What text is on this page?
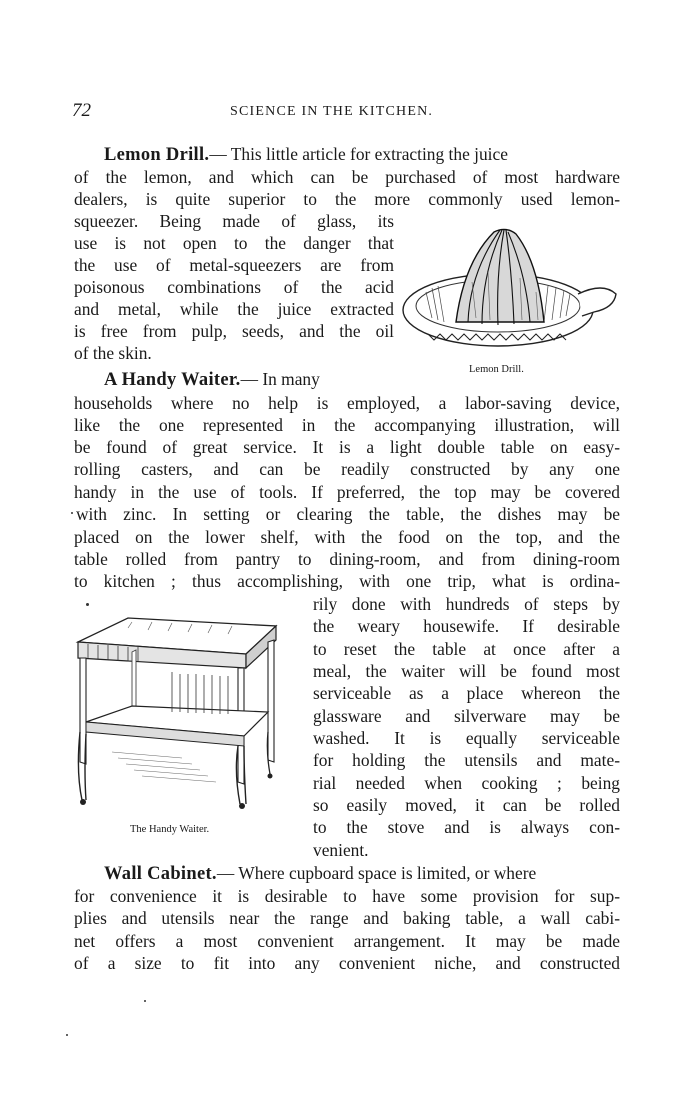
72	SCIENCE IN THE KITCHEN.
Lemon Drill.— This little article for extracting the juice
of the lemon, and which can be purchased of most hardware
dealers, is quite superior to the more commonly used lemon-
squeezer. Being made of glass, its
use is not open to the danger that
the use of metal-squeezers are from
poisonous combinations of the acid
and metal, while the juice extracted
is free from pulp, seeds, and the oil
of the skin.
Lemon Drill.
A Handy Waiter.— In many
households where no help is employed, a labor-saving device,
like the one represented in the accompanying illustration, will
be found of great service. It is a light double table on easy-
rolling casters, and can be readily constructed by any one
handy in the use of tools. If preferred, the top may be covered
with zinc. In setting or clearing the table, the dishes may be
placed on the lower shelf, with the food on the top, and the
table rolled from pantry to dining-room, and from dining-room
to kitchen ; thus accomplishing, with one trip, what is ordina-
rily done with hundreds of steps by
the weary housewife. If desirable
to reset the table at once after a
meal, the waiter will be found most
serviceable as a place whereon the
glassware and silverware may be
washed. It is equally serviceable
for holding the utensils and mate-
rial needed when cooking ; being
so easily moved, it can be rolled
to the stove and is always con-
venient.
The Handy Waiter.
Wall Cabinet.— Where cupboard space is limited, or where
for convenience it is desirable to have some provision for sup-
plies and utensils near the range and baking table, a wall cabi-
net offers a most convenient arrangement. It may be made
of a size to fit into any convenient niche, and constructed
